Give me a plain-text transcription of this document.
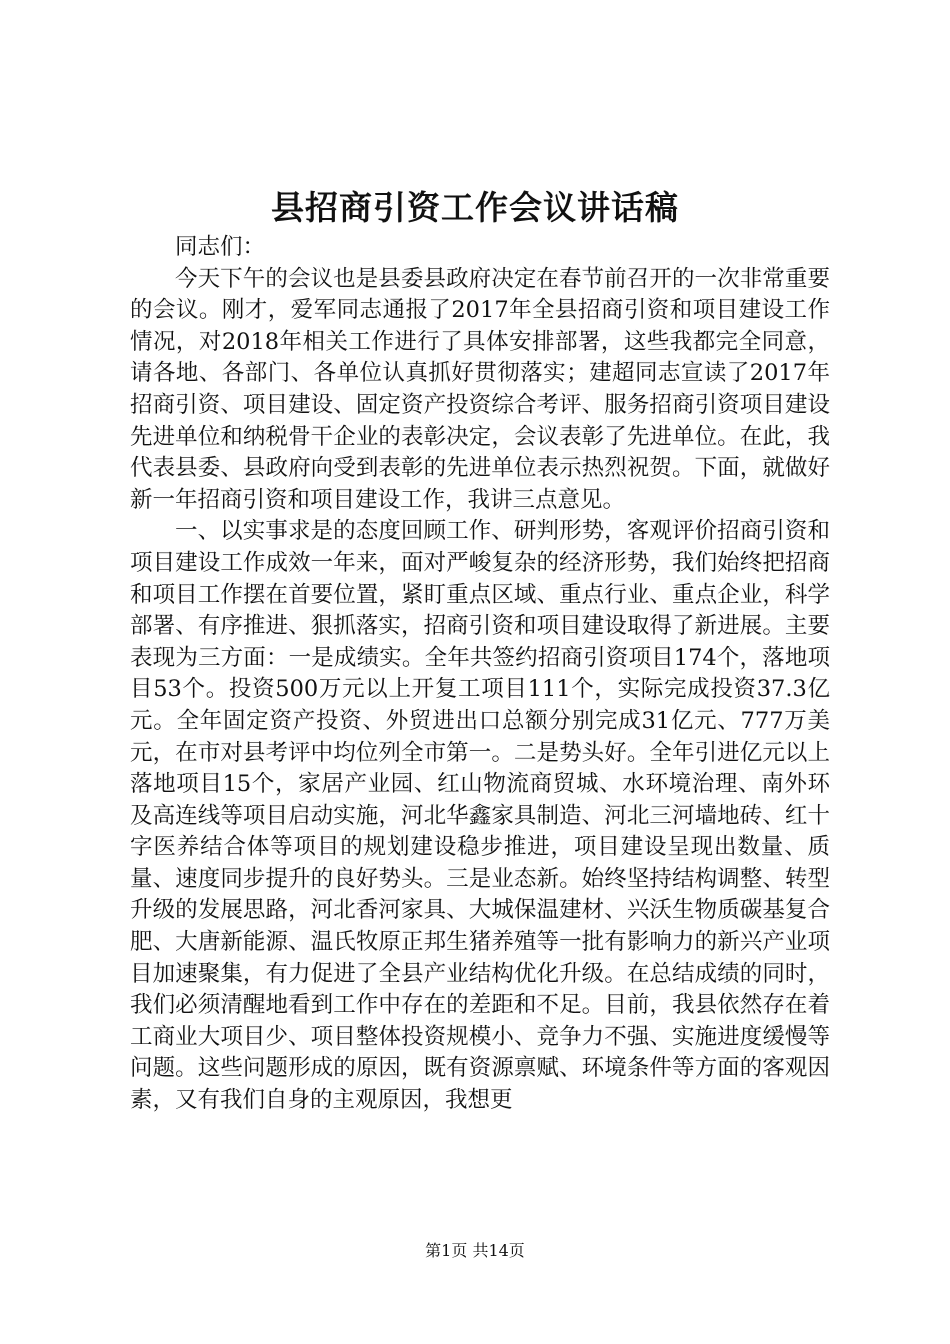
县招商引资工作会议讲话稿

同志们：

今天下午的会议也是县委县政府决定在春节前召开的一次非常重要的会议。刚才，爱军同志通报了2017年全县招商引资和项目建设工作情况，对2018年相关工作进行了具体安排部署，这些我都完全同意，请各地、各部门、各单位认真抓好贯彻落实；建超同志宣读了2017年招商引资、项目建设、固定资产投资综合考评、服务招商引资项目建设先进单位和纳税骨干企业的表彰决定，会议表彰了先进单位。在此，我代表县委、县政府向受到表彰的先进单位表示热烈祝贺。下面，就做好新一年招商引资和项目建设工作，我讲三点意见。

一、以实事求是的态度回顾工作、研判形势，客观评价招商引资和项目建设工作成效一年来，面对严峻复杂的经济形势，我们始终把招商和项目工作摆在首要位置，紧盯重点区域、重点行业、重点企业，科学部署、有序推进、狠抓落实，招商引资和项目建设取得了新进展。主要表现为三方面：一是成绩实。全年共签约招商引资项目174个，落地项目53个。投资500万元以上开复工项目111个，实际完成投资37.3亿元。全年固定资产投资、外贸进出口总额分别完成31亿元、777万美元，在市对县考评中均位列全市第一。二是势头好。全年引进亿元以上落地项目15个，家居产业园、红山物流商贸城、水环境治理、南外环及高连线等项目启动实施，河北华鑫家具制造、河北三河墙地砖、红十字医养结合体等项目的规划建设稳步推进，项目建设呈现出数量、质量、速度同步提升的良好势头。三是业态新。始终坚持结构调整、转型升级的发展思路，河北香河家具、大城保温建材、兴沃生物质碳基复合肥、大唐新能源、温氏牧原正邦生猪养殖等一批有影响力的新兴产业项目加速聚集，有力促进了全县产业结构优化升级。在总结成绩的同时，我们必须清醒地看到工作中存在的差距和不足。目前，我县依然存在着工商业大项目少、项目整体投资规模小、竞争力不强、实施进度缓慢等问题。这些问题形成的原因，既有资源禀赋、环境条件等方面的客观因素，又有我们自身的主观原因，我想更

第1页 共14页
